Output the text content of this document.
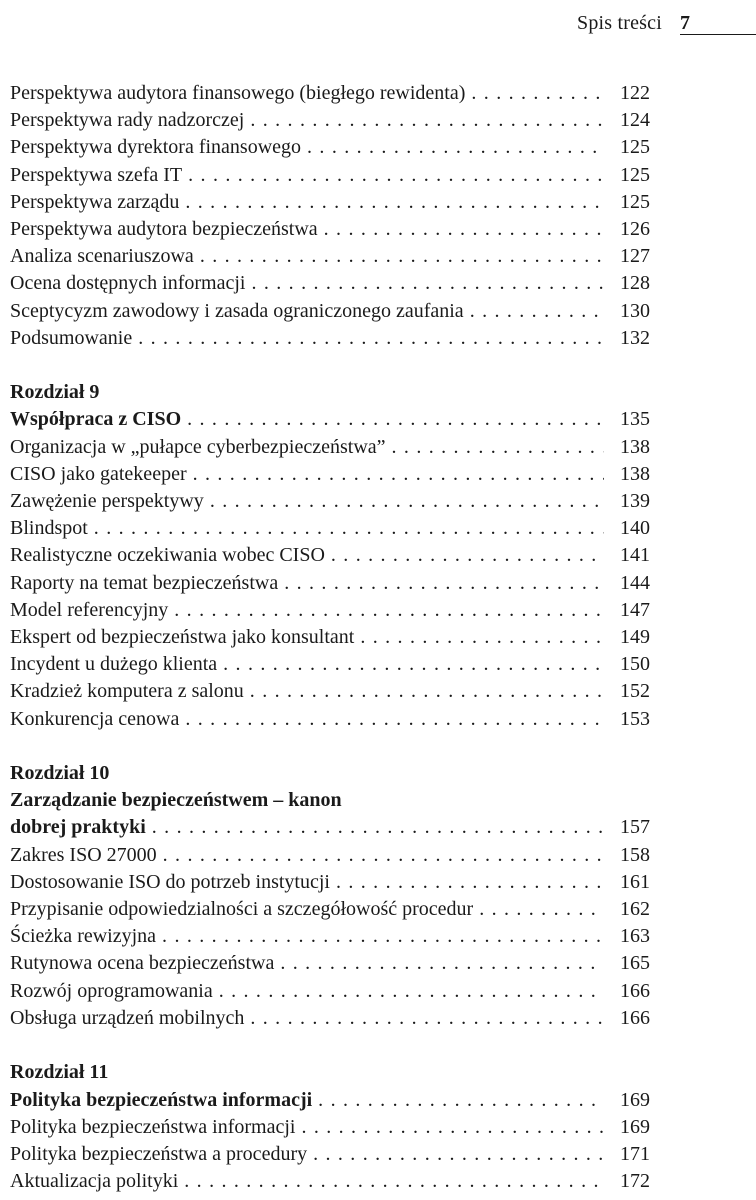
Spis treści 7
Perspektywa audytora finansowego (biegłego rewidenta) . . .	122
Perspektywa rady nadzorczej . . .	124
Perspektywa dyrektora finansowego . . .	125
Perspektywa szefa IT . . .	125
Perspektywa zarządu . . .	125
Perspektywa audytora bezpieczeństwa . . .	126
Analiza scenariuszowa . . .	127
Ocena dostępnych informacji . . .	128
Sceptycyzm zawodowy i zasada ograniczonego zaufania . . .	130
Podsumowanie . . .	132
Rozdział 9
Współpraca z CISO . . .	135
Organizacja w „pułapce cyberbezpieczeństwa” . . .	138
CISO jako gatekeeper . . .	138
Zawężenie perspektywy . . .	139
Blindspot . . .	140
Realistyczne oczekiwania wobec CISO . . .	141
Raporty na temat bezpieczeństwa . . .	144
Model referencyjny . . .	147
Ekspert od bezpieczeństwa jako konsultant . . .	149
Incydent u dużego klienta . . .	150
Kradzież komputera z salonu . . .	152
Konkurencja cenowa . . .	153
Rozdział 10
Zarządzanie bezpieczeństwem – kanon
dobrej praktyki . . .	157
Zakres ISO 27000 . . .	158
Dostosowanie ISO do potrzeb instytucji . . .	161
Przypisanie odpowiedzialności a szczegółowość procedur . . .	162
Ścieżka rewizyjna . . .	163
Rutynowa ocena bezpieczeństwa . . .	165
Rozwój oprogramowania . . .	166
Obsługa urządzeń mobilnych . . .	166
Rozdział 11
Polityka bezpieczeństwa informacji . . .	169
Polityka bezpieczeństwa informacji . . .	169
Polityka bezpieczeństwa a procedury . . .	171
Aktualizacja polityki . . .	172
